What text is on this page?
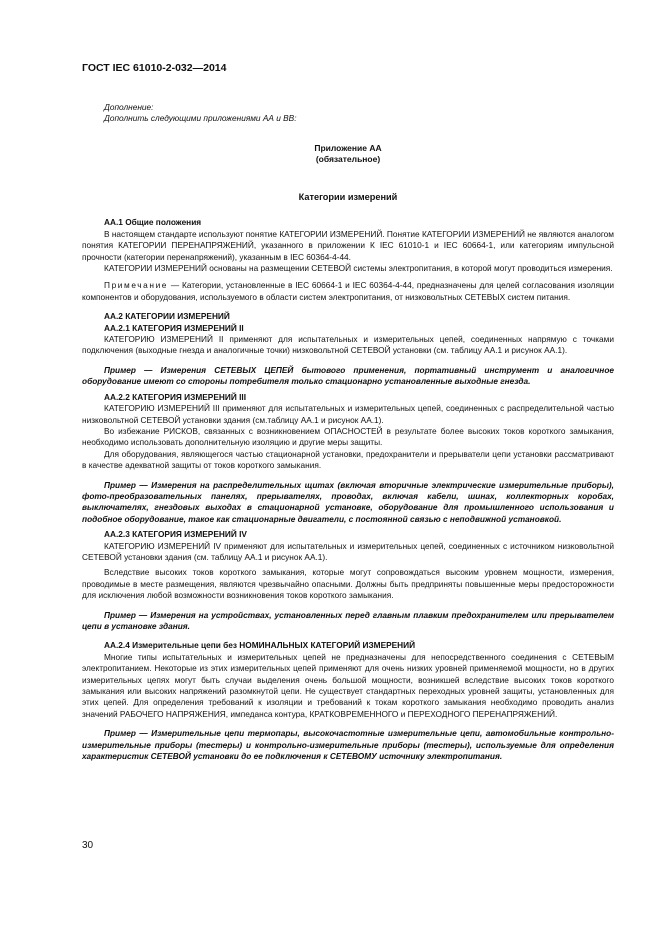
ГОСТ IEC 61010-2-032—2014

Дополнение:

Дополнить следующими приложениями АА и ВВ:

Приложение АА

(обязательное)

Категории измерений

АА.1 Общие положения

В настоящем стандарте используют понятие КАТЕГОРИИ ИЗМЕРЕНИЙ. Понятие КАТЕГОРИИ ИЗМЕРЕНИЙ не являются аналогом понятия КАТЕГОРИИ ПЕРЕНАПРЯЖЕНИЙ, указанного в приложении К IEC 61010-1 и IEC 60664-1, или категориям импульсной прочности (категории перенапряжений), указанным в IEC 60364-4-44.

КАТЕГОРИИ ИЗМЕРЕНИЙ основаны на размещении СЕТЕВОЙ системы электропитания, в которой могут проводиться измерения.

Примечание — Категории, установленные в IEC 60664-1 и IEC 60364-4-44, предназначены для целей согласования изоляции компонентов и оборудования, используемого в области систем электропитания, от низковольтных СЕТЕВЫХ систем питания.

АА.2 КАТЕГОРИИ ИЗМЕРЕНИЙ

АА.2.1 КАТЕГОРИЯ ИЗМЕРЕНИЙ II

КАТЕГОРИЮ ИЗМЕРЕНИЙ II применяют для испытательных и измерительных цепей, соединенных напрямую с точками подключения (выходные гнезда и аналогичные точки) низковольтной СЕТЕВОЙ установки (см. таблицу АА.1 и рисунок АА.1).

Пример — Измерения СЕТЕВЫХ ЦЕПЕЙ бытового применения, портативный инструмент и аналогичное оборудование имеют со стороны потребителя только стационарно установленные выходные гнезда.

АА.2.2 КАТЕГОРИЯ ИЗМЕРЕНИЙ III

КАТЕГОРИЮ ИЗМЕРЕНИЙ III применяют для испытательных и измерительных цепей, соединенных с распределительной частью низковольтной СЕТЕВОЙ установки здания (см.таблицу АА.1 и рисунок АА.1).

Во избежание РИСКОВ, связанных с возникновением ОПАСНОСТЕЙ в результате более высоких токов короткого замыкания, необходимо использовать дополнительную изоляцию и другие меры защиты.

Для оборудования, являющегося частью стационарной установки, предохранители и прерыватели цепи установки рассматривают в качестве адекватной защиты от токов короткого замыкания.

Пример — Измерения на распределительных щитах (включая вторичные электрические измерительные приборы), фото-преобразовательных панелях, прерывателях, проводах, включая кабели, шинах, коллекторных коробах, выключателях, гнездовых выходах в стационарной установке, оборудование для промышленного использования и подобное оборудование, такое как стационарные двигатели, с постоянной связью с неподвижной установкой.

АА.2.3 КАТЕГОРИЯ ИЗМЕРЕНИЙ IV

КАТЕГОРИЮ ИЗМЕРЕНИЙ IV применяют для испытательных и измерительных цепей, соединенных с источником низковольтной СЕТЕВОЙ установки здания (см. таблицу АА.1 и рисунок АА.1).

Вследствие высоких токов короткого замыкания, которые могут сопровождаться высоким уровнем мощности, измерения, проводимые в месте размещения, являются чрезвычайно опасными. Должны быть предприняты повышенные меры предосторожности для исключения любой возможности возникновения токов короткого замыкания.

Пример — Измерения на устройствах, установленных перед главным плавким предохранителем или прерывателем цепи в установке здания.

АА.2.4 Измерительные цепи без НОМИНАЛЬНЫХ КАТЕГОРИЙ ИЗМЕРЕНИЙ

Многие типы испытательных и измерительных цепей не предназначены для непосредственного соединения с СЕТЕВЫМ электропитанием. Некоторые из этих измерительных цепей применяют для очень низких уровней применяемой мощности, но в других измерительных цепях могут быть случаи выделения очень большой мощности, возникшей вследствие высоких токов короткого замыкания или высоких напряжений разомкнутой цепи. Не существует стандартных переходных уровней защиты, установленных для этих цепей. Для определения требований к изоляции и требований к токам короткого замыкания необходимо проводить анализ значений РАБОЧЕГО НАПРЯЖЕНИЯ, импеданса контура, КРАТКОВРЕМЕННОГО и ПЕРЕХОДНОГО ПЕРЕНАПРЯЖЕНИЙ.

Пример — Измерительные цепи термопары, высокочастотные измерительные цепи, автомобильные контрольно-измерительные приборы (тестеры) и контрольно-измерительные приборы (тестеры), используемые для определения характеристик СЕТЕВОЙ установки до ее подключения к СЕТЕВОМУ источнику электропитания.

30
